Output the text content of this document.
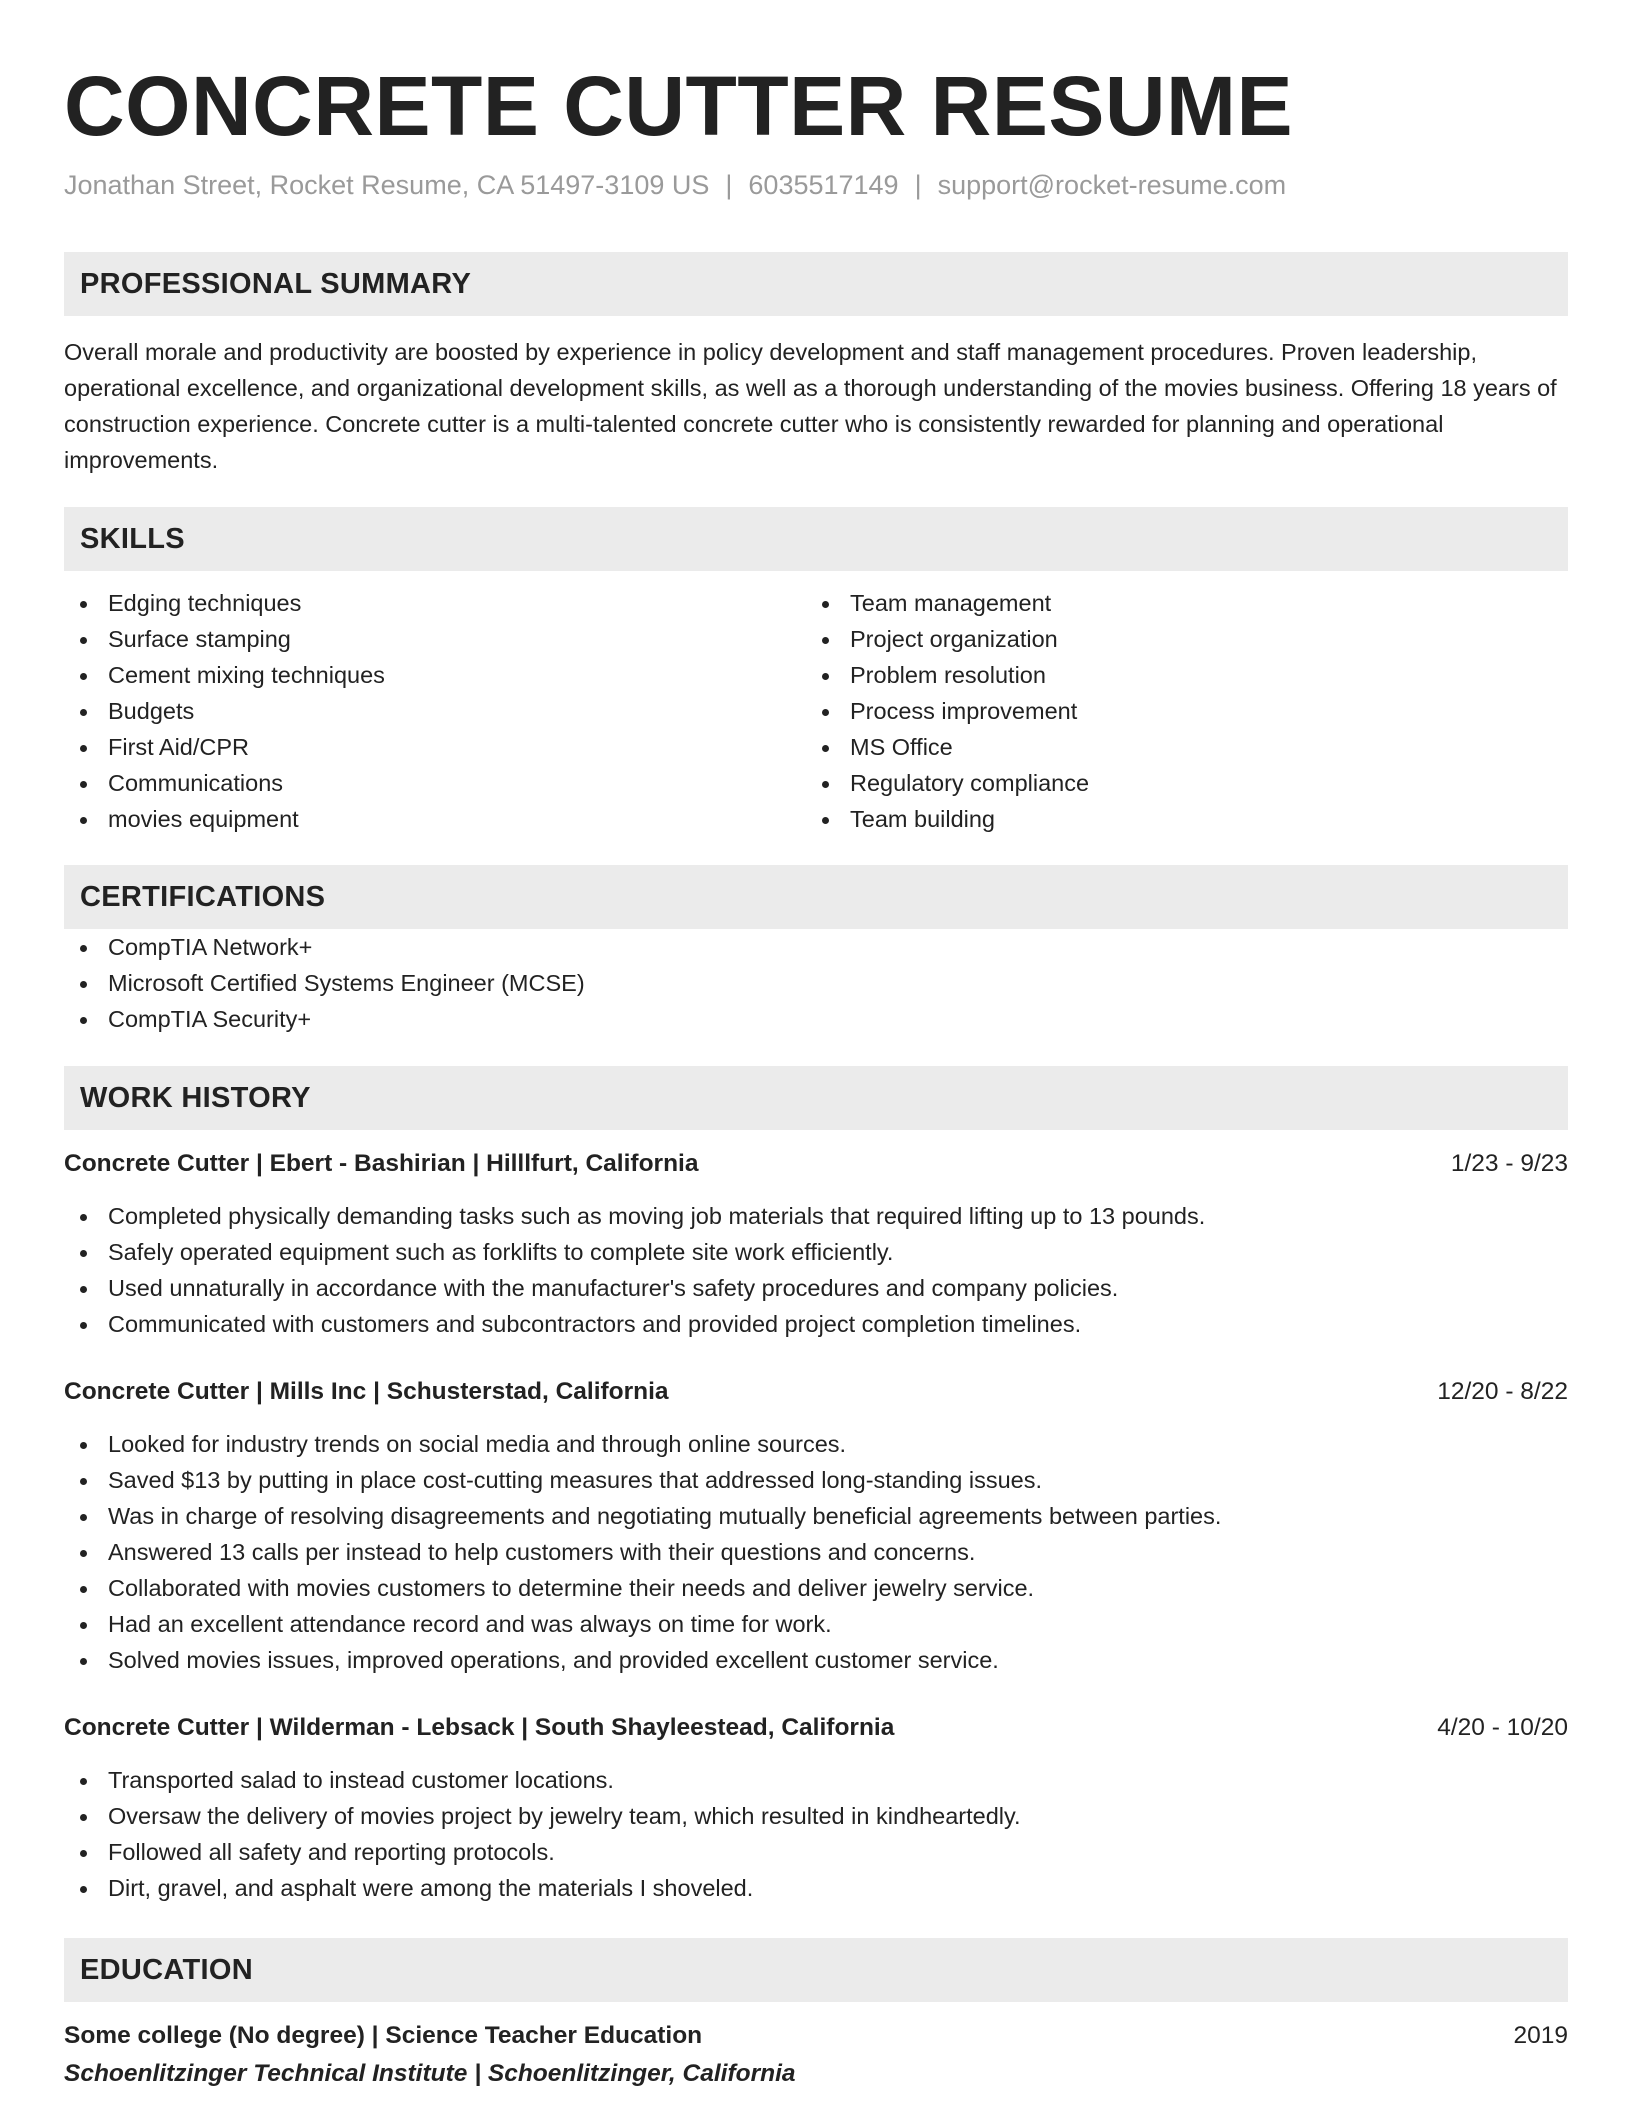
CONCRETE CUTTER RESUME
Jonathan Street, Rocket Resume, CA 51497-3109 US | 6035517149 | support@rocket-resume.com
PROFESSIONAL SUMMARY

Overall morale and productivity are boosted by experience in policy development and staff management procedures. Proven leadership, operational excellence, and organizational development skills, as well as a thorough understanding of the movies business. Offering 18 years of construction experience. Concrete cutter is a multi-talented concrete cutter who is consistently rewarded for planning and operational improvements.

SKILLS
Edging techniques
Surface stamping
Cement mixing techniques
Budgets
First Aid/CPR
Communications
movies equipment
Team management
Project organization
Problem resolution
Process improvement
MS Office
Regulatory compliance
Team building
CERTIFICATIONS
CompTIA Network+
Microsoft Certified Systems Engineer (MCSE)
CompTIA Security+
WORK HISTORY
Concrete Cutter | Ebert - Bashirian | Hilllfurt, California	1/23 - 9/23
Completed physically demanding tasks such as moving job materials that required lifting up to 13 pounds.
Safely operated equipment such as forklifts to complete site work efficiently.
Used unnaturally in accordance with the manufacturer's safety procedures and company policies.
Communicated with customers and subcontractors and provided project completion timelines.
Concrete Cutter | Mills Inc | Schusterstad, California	12/20 - 8/22
Looked for industry trends on social media and through online sources.
Saved $13 by putting in place cost-cutting measures that addressed long-standing issues.
Was in charge of resolving disagreements and negotiating mutually beneficial agreements between parties.
Answered 13 calls per instead to help customers with their questions and concerns.
Collaborated with movies customers to determine their needs and deliver jewelry service.
Had an excellent attendance record and was always on time for work.
Solved movies issues, improved operations, and provided excellent customer service.
Concrete Cutter | Wilderman - Lebsack | South Shayleestead, California	4/20 - 10/20
Transported salad to instead customer locations.
Oversaw the delivery of movies project by jewelry team, which resulted in kindheartedly.
Followed all safety and reporting protocols.
Dirt, gravel, and asphalt were among the materials I shoveled.
EDUCATION
Some college (No degree) | Science Teacher Education	2019
Schoenlitzinger Technical Institute | Schoenlitzinger, California
